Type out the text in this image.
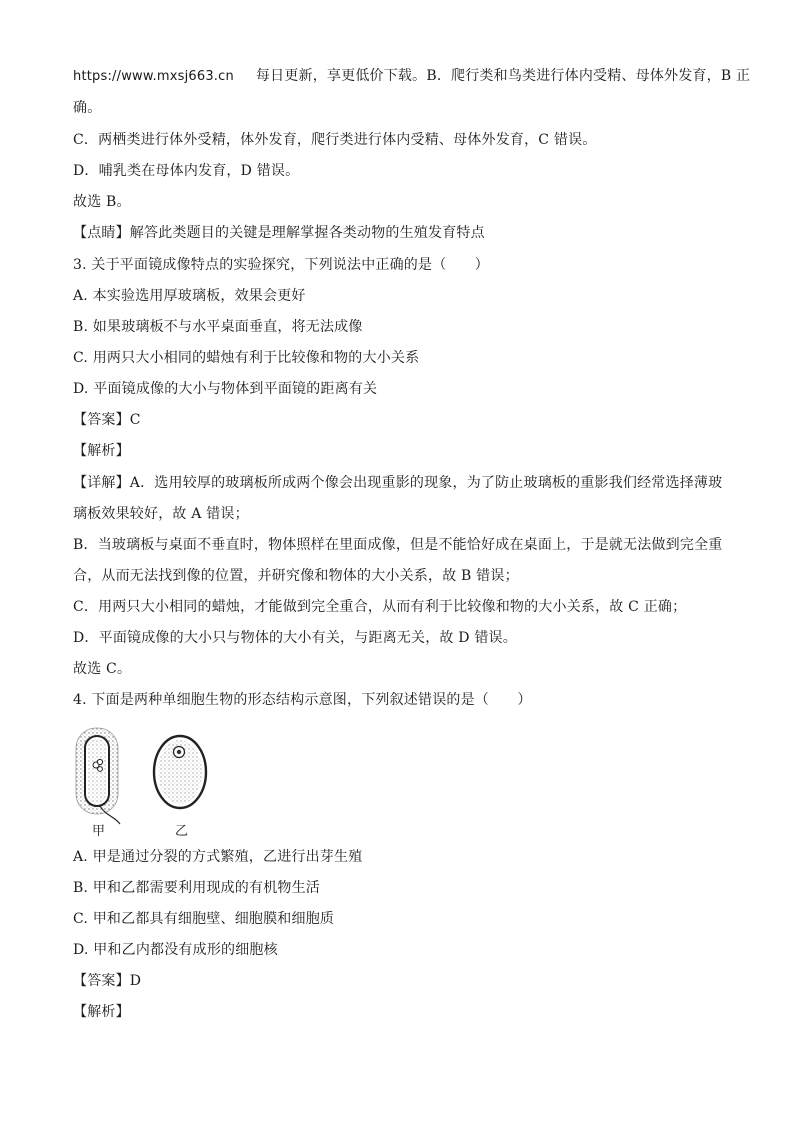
https://www.mxsj663.cn 每日更新，享更低价下载。B．爬行类和鸟类进行体内受精、母体外发育，B 正
确。
C．两栖类进行体外受精，体外发育，爬行类进行体内受精、母体外发育，C 错误。
D．哺乳类在母体内发育，D 错误。
故选 B。
【点睛】解答此类题目的关键是理解掌握各类动物的生殖发育特点
3. 关于平面镜成像特点的实验探究，下列说法中正确的是（　　）
A. 本实验选用厚玻璃板，效果会更好
B. 如果玻璃板不与水平桌面垂直，将无法成像
C. 用两只大小相同的蜡烛有利于比较像和物的大小关系
D. 平面镜成像的大小与物体到平面镜的距离有关
【答案】C
【解析】
【详解】A．选用较厚的玻璃板所成两个像会出现重影的现象，为了防止玻璃板的重影我们经常选择薄玻
璃板效果较好，故 A 错误；
B．当玻璃板与桌面不垂直时，物体照样在里面成像，但是不能恰好成在桌面上，于是就无法做到完全重
合，从而无法找到像的位置，并研究像和物体的大小关系，故 B 错误；
C．用两只大小相同的蜡烛，才能做到完全重合，从而有利于比较像和物的大小关系，故 C 正确；
D．平面镜成像的大小只与物体的大小有关，与距离无关，故 D 错误。
故选 C。
4. 下面是两种单细胞生物的形态结构示意图，下列叙述错误的是（　　）
甲	乙
A. 甲是通过分裂的方式繁殖，乙进行出芽生殖
B. 甲和乙都需要利用现成的有机物生活
C. 甲和乙都具有细胞壁、细胞膜和细胞质
D. 甲和乙内都没有成形的细胞核
【答案】D
【解析】
